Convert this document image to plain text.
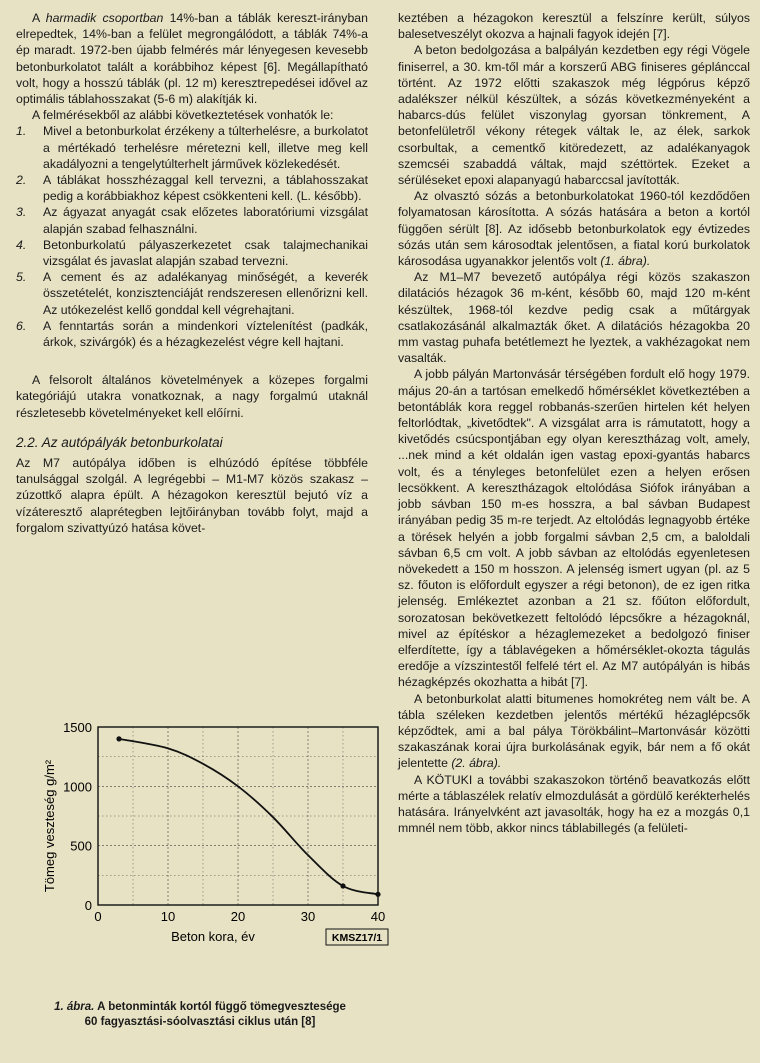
A harmadik csoportban 14%-ban a táblák kereszt-irányban elrepedtek, 14%-ban a felület megrongálódott, a táblák 74%-a ép maradt. 1972-ben újabb felmérés már lényegesen kevesebb betonburkolatot talált a korábbihoz képest [6]. Megállapítható volt, hogy a hosszú táblák (pl. 12 m) keresztrepedései idővel az optimális táblahosszakat (5-6 m) alakítják ki.

A felmérésekből az alábbi következtetések vonhatók le:

1. Mivel a betonburkolat érzékeny a túlterhelésre, a burkolatot a mértékadó terhelésre méretezni kell, illetve meg kell akadályozni a tengelytúlterhelt járművek közlekedését.
2. A táblákat hosszhézaggal kell tervezni, a táblahosszakat pedig a korábbiakhoz képest csökkenteni kell. (L. később).
3. Az ágyazat anyagát csak előzetes laboratóriumi vizsgálat alapján szabad felhasználni.
4. Betonburkolatú pályaszerkezetet csak talajmechanikai vizsgálat és javaslat alapján szabad tervezni.
5. A cement és az adalékanyag minőségét, a keverék összetételét, konzisztenciáját rendszeresen ellenőrizni kell. Az utókezelést kellő gonddal kell végrehajtani.
6. A fenntartás során a mindenkori víztelenítést (padkák, árkok, szivárgók) és a hézagkezelést végre kell hajtani.

A felsorolt általános követelmények a közepes forgalmi kategóriájú utakra vonatkoznak, a nagy forgalmú utaknál részletesebb követelményeket kell előírni.

2.2. Az autópályák betonburkolatai

Az M7 autópálya időben is elhúzódó építése többféle tanulsággal szolgál. A legrégebbi – M1-M7 közös szakasz – zúzottkő alapra épült. A hézagokon keresztül bejutó víz a vízáteresztő alaprétegben lejtőirányban tovább folyt, majd a forgalom szivattyúzó hatása követ-

0	10	20	30	40
0
500
1000
1500
Beton kora, év
Tömeg veszteség g/m²
KMSZ17/1
1. ábra. A betonminták kortól függő tömegvesztesége
60 fagyasztási-sóolvasztási ciklus után [8]

keztében a hézagokon keresztül a felszínre került, súlyos balesetveszélyt okozva a hajnali fagyok idején [7].

A beton bedolgozása a balpályán kezdetben egy régi Vögele finiserrel, a 30. km-től már a korszerű ABG finiseres géplánccal történt. Az 1972 előtti szakaszok még légpórus képző adalékszer nélkül készültek, a sózás következményeként a habarcs-dús felület viszonylag gyorsan tönkrement, A betonfelületről vékony rétegek váltak le, az élek, sarkok csorbultak, a cementkő kitöredezett, az adalékanyagok szemcséi szabaddá váltak, majd széttörtek. Ezeket a sérüléseket epoxi alapanyagú habarccsal javították.

Az olvasztó sózás a betonburkolatokat 1960-tól kezdődően folyamatosan károsította. A sózás hatására a beton a kortól függően sérült [8]. Az idősebb betonburkolatok egy évtizedes sózás után sem károsodtak jelentősen, a fiatal korú burkolatok károsodása ugyanakkor jelentős volt (1. ábra).

Az M1–M7 bevezető autópálya régi közös szakaszon dilatációs hézagok 36 m-ként, később 60, majd 120 m-ként készültek, 1968-tól kezdve pedig csak a műtárgyak csatlakozásánál alkalmazták őket. A dilatációs hézagokba 20 mm vastag puhafa betétlemezt he lyeztek, a vakhézagokat nem vasalták.

A jobb pályán Martonvásár térségében fordult elő hogy 1979. május 20-án a tartósan emelkedő hőmérséklet következtében a betontáblák kora reggel robbanás-szerűen hirtelen két helyen feltorlódtak, „kivetődtek". A vizsgálat arra is rámutatott, hogy a kivetődés csúcspontjában egy olyan keresztházag volt, amely, ...nek mind a két oldalán igen vastag epoxi-gyantás habarcs volt, és a tényleges betonfelület ezen a helyen erősen lecsökkent. A keresztházagok eltolódása Siófok irányában a jobb sávban 150 m-es hosszra, a bal sávban Budapest irányában pedig 35 m-re terjedt. Az eltolódás legnagyobb értéke a törések helyén a jobb forgalmi sávban 2,5 cm, a baloldali sávban 6,5 cm volt. A jobb sávban az eltolódás egyenletesen növekedett a 150 m hosszon. A jelenség ismert ugyan (pl. az 5 sz. főuton is előfordult egyszer a régi betonon), de ez igen ritka jelenség. Emlékeztet azonban a 21 sz. főúton előfordult, sorozatosan bekövetkezett feltolódó lépcsőkre a hézagoknál, mivel az építéskor a hézaglemezeket a bedolgozó finiser elferdítette, így a táblavégeken a hőmérséklet-okozta tágulás eredője a vízszintestől felfelé tért el. Az M7 autópályán is hibás hézagképzés okozhatta a hibát [7].

A betonburkolat alatti bitumenes homokréteg nem vált be. A tábla széleken kezdetben jelentős mértékű hézaglépcsők képződtek, ami a bal pálya Törökbálint–Martonvásár közötti szakaszának korai újra burkolásának egyik, bár nem a fő okát jelentette (2. ábra).

A KÖTUKI a további szakaszokon történő beavatkozás előtt mérte a táblaszélek relatív elmozdulását a gördülő kerékterhelés hatására. Irányelvként azt javasolták, hogy ha ez a mozgás 0,1 mmnél nem több, akkor nincs táblabillegés (a felületi-
